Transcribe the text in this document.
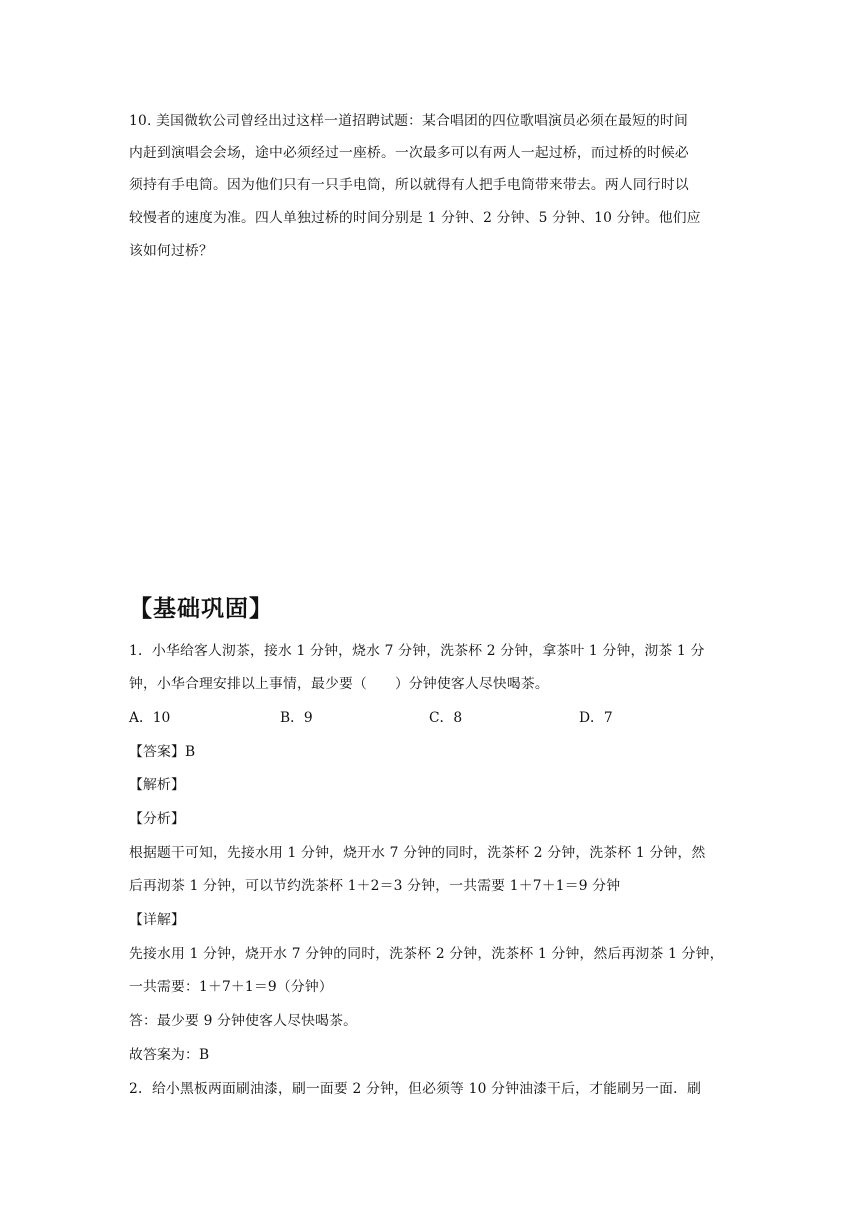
10. 美国微软公司曾经出过这样一道招聘试题：某合唱团的四位歌唱演员必须在最短的时间
内赶到演唱会会场，途中必须经过一座桥。一次最多可以有两人一起过桥，而过桥的时候必
须持有手电筒。因为他们只有一只手电筒，所以就得有人把手电筒带来带去。两人同行时以
较慢者的速度为准。四人单独过桥的时间分别是 1 分钟、2 分钟、5 分钟、10 分钟。他们应
该如何过桥？
【基础巩固】
1．小华给客人沏茶，接水 1 分钟，烧水 7 分钟，洗茶杯 2 分钟，拿茶叶 1 分钟，沏茶 1 分
钟，小华合理安排以上事情，最少要（　　）分钟使客人尽快喝茶。
A．10	B．9	C．8	D．7
【答案】B
【解析】
【分析】
根据题干可知，先接水用 1 分钟，烧开水 7 分钟的同时，洗茶杯 2 分钟，洗茶杯 1 分钟，然
后再沏茶 1 分钟，可以节约洗茶杯 1＋2＝3 分钟，一共需要 1＋7＋1＝9 分钟
【详解】
先接水用 1 分钟，烧开水 7 分钟的同时，洗茶杯 2 分钟，洗茶杯 1 分钟，然后再沏茶 1 分钟，
一共需要：1＋7＋1＝9（分钟）
答：最少要 9 分钟使客人尽快喝茶。
故答案为：B
2．给小黑板两面刷油漆，刷一面要 2 分钟，但必须等 10 分钟油漆干后，才能刷另一面．刷
